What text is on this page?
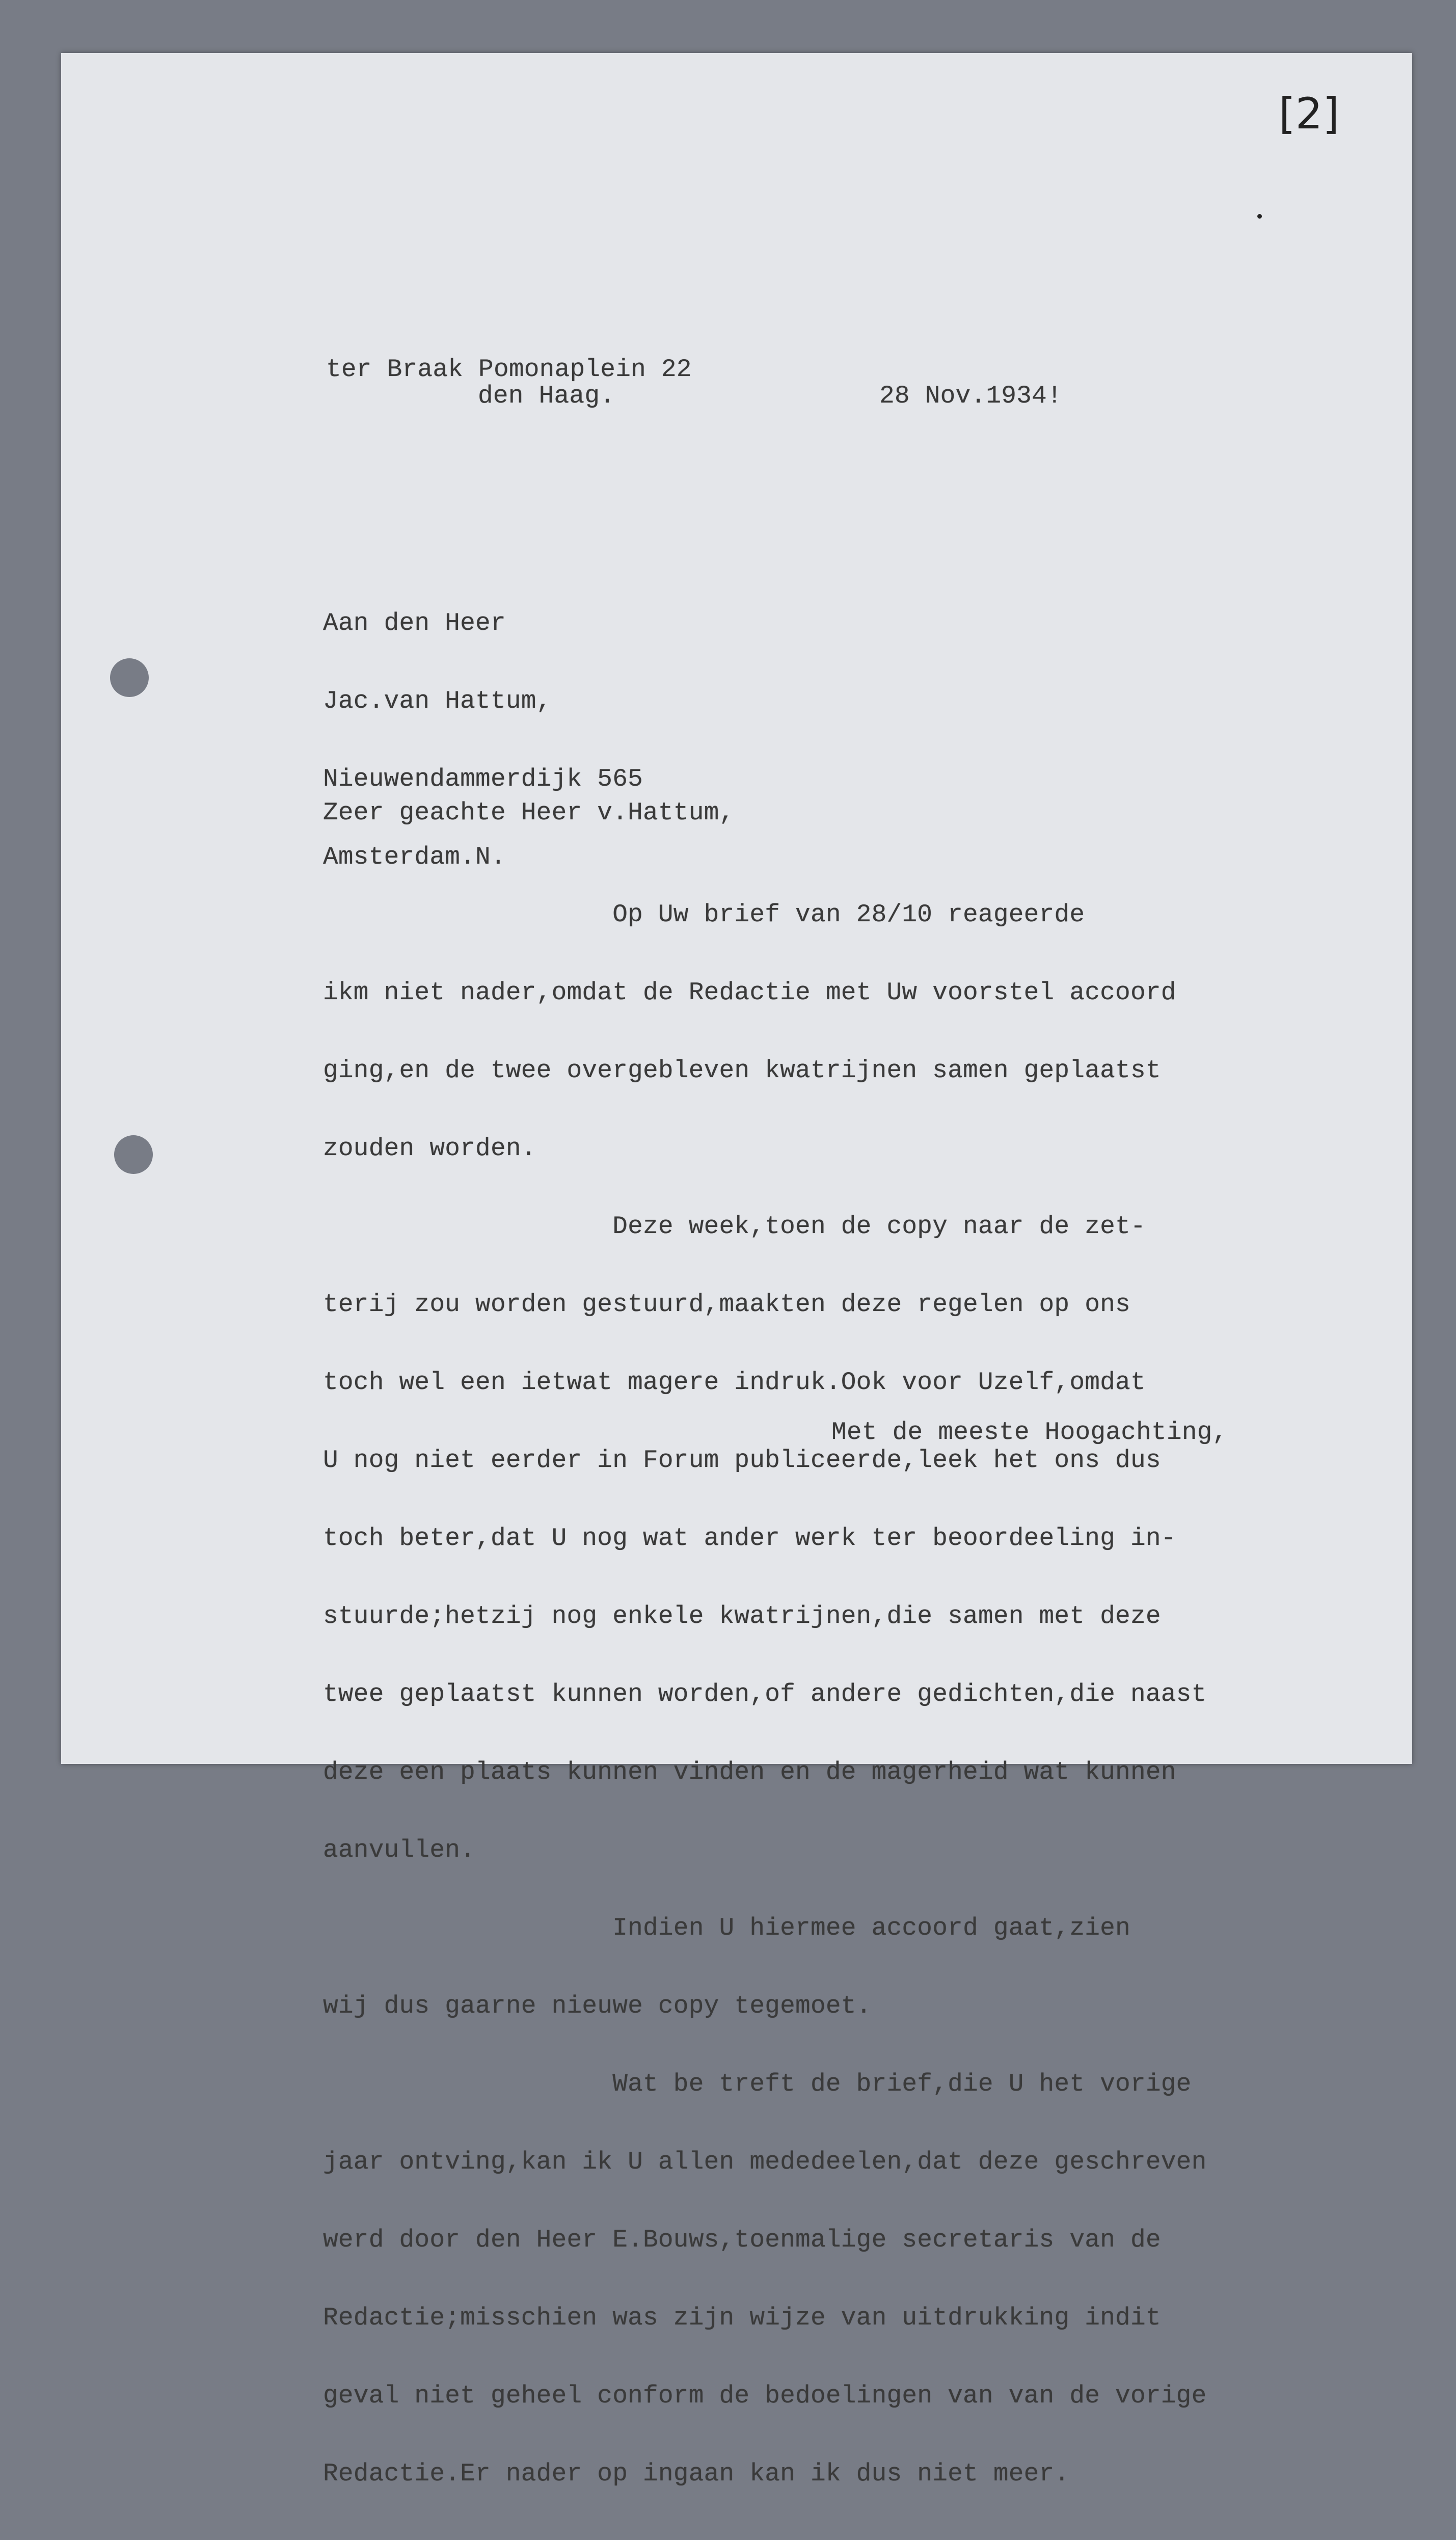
[2]

ter Braak Pomonaplein 22

den Haag.	28 Nov.1934!

Aan den Heer

Jac.van Hattum,

Nieuwendammerdijk 565

Amsterdam.N.

Zeer geachte Heer v.Hattum,

Op Uw brief van 28/10 reageerde

ikm niet nader,omdat de Redactie met Uw voorstel accoord

ging,en de twee overgebleven kwatrijnen samen geplaatst

zouden worden.

Deze week,toen de copy naar de zet-

terij zou worden gestuurd,maakten deze regelen op ons

toch wel een ietwat magere indruk.Ook voor Uzelf,omdat

U nog niet eerder in Forum publiceerde,leek het ons dus

toch beter,dat U nog wat ander werk ter beoordeeling in-

stuurde;hetzij nog enkele kwatrijnen,die samen met deze

twee geplaatst kunnen worden,of andere gedichten,die naast

deze een plaats kunnen vinden en de magerheid wat kunnen

aanvullen.

Indien U hiermee accoord gaat,zien

wij dus gaarne nieuwe copy tegemoet.

Wat be treft de brief,die U het vorige

jaar ontving,kan ik U allen mededeelen,dat deze geschreven

werd door den Heer E.Bouws,toenmalige secretaris van de

Redactie;misschien was zijn wijze van uitdrukking indit

geval niet geheel conform de bedoelingen van van de vorige

Redactie.Er nader op ingaan kan ik dus niet meer.

Met de meeste Hoogachting,
